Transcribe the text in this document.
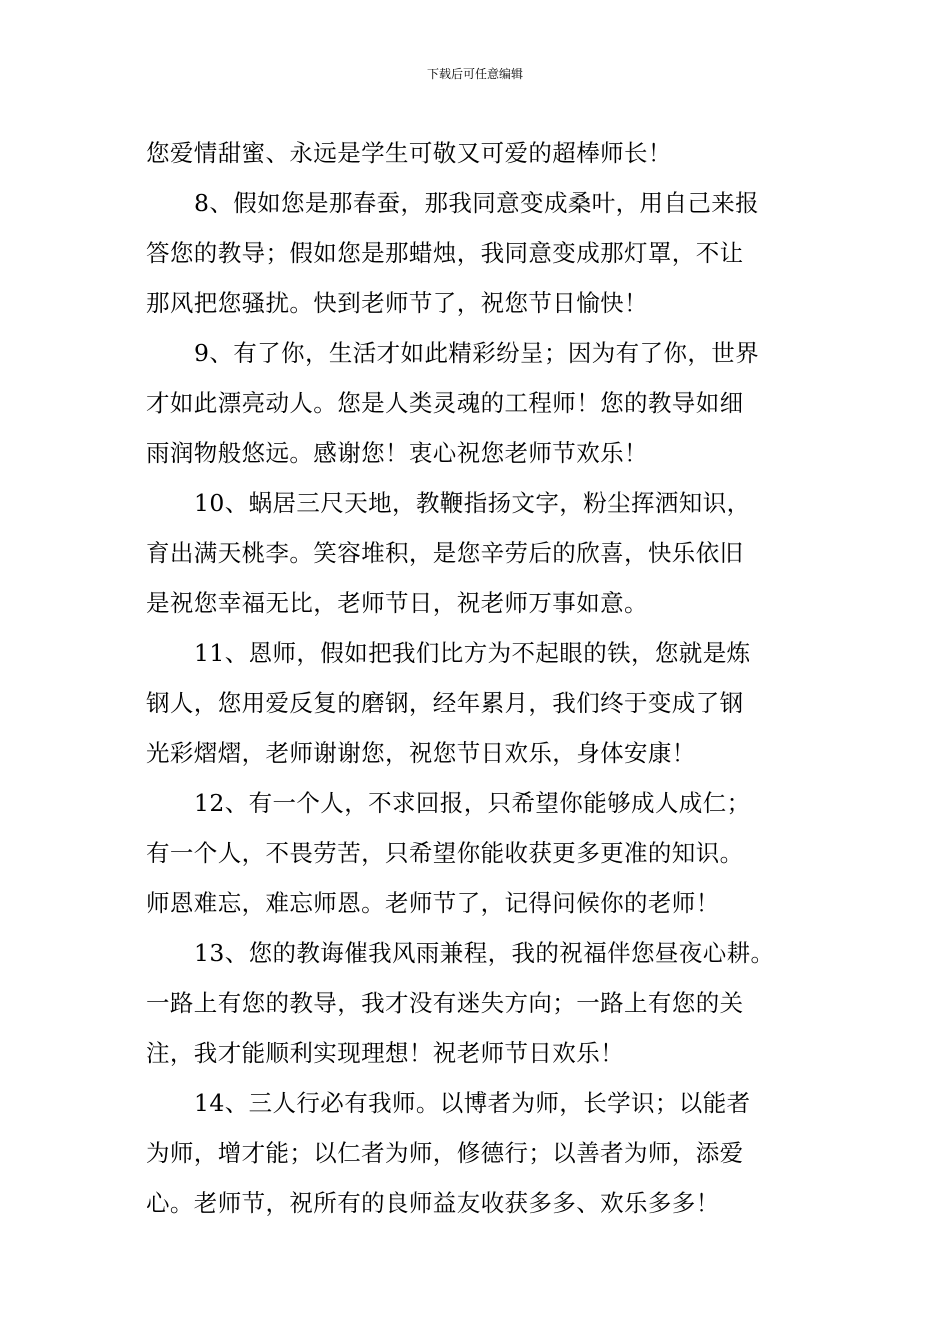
下载后可任意编辑
您爱情甜蜜、永远是学生可敬又可爱的超棒师长！
8、假如您是那春蚕，那我同意变成桑叶，用自己来报
答您的教导；假如您是那蜡烛，我同意变成那灯罩，不让
那风把您骚扰。快到老师节了，祝您节日愉快！
9、有了你，生活才如此精彩纷呈；因为有了你，世界
才如此漂亮动人。您是人类灵魂的工程师！您的教导如细
雨润物般悠远。感谢您！衷心祝您老师节欢乐！
10、蜗居三尺天地，教鞭指扬文字，粉尘挥洒知识，
育出满天桃李。笑容堆积，是您辛劳后的欣喜，快乐依旧
是祝您幸福无比，老师节日，祝老师万事如意。
11、恩师，假如把我们比方为不起眼的铁，您就是炼
钢人，您用爱反复的磨钢，经年累月，我们终于变成了钢
光彩熠熠，老师谢谢您，祝您节日欢乐，身体安康！
12、有一个人，不求回报，只希望你能够成人成仁；
有一个人，不畏劳苦，只希望你能收获更多更准的知识。
师恩难忘，难忘师恩。老师节了，记得问候你的老师！
13、您的教诲催我风雨兼程，我的祝福伴您昼夜心耕。
一路上有您的教导，我才没有迷失方向；一路上有您的关
注，我才能顺利实现理想！祝老师节日欢乐！
14、三人行必有我师。以博者为师，长学识；以能者
为师，增才能；以仁者为师，修德行；以善者为师，添爱
心。老师节，祝所有的良师益友收获多多、欢乐多多！
